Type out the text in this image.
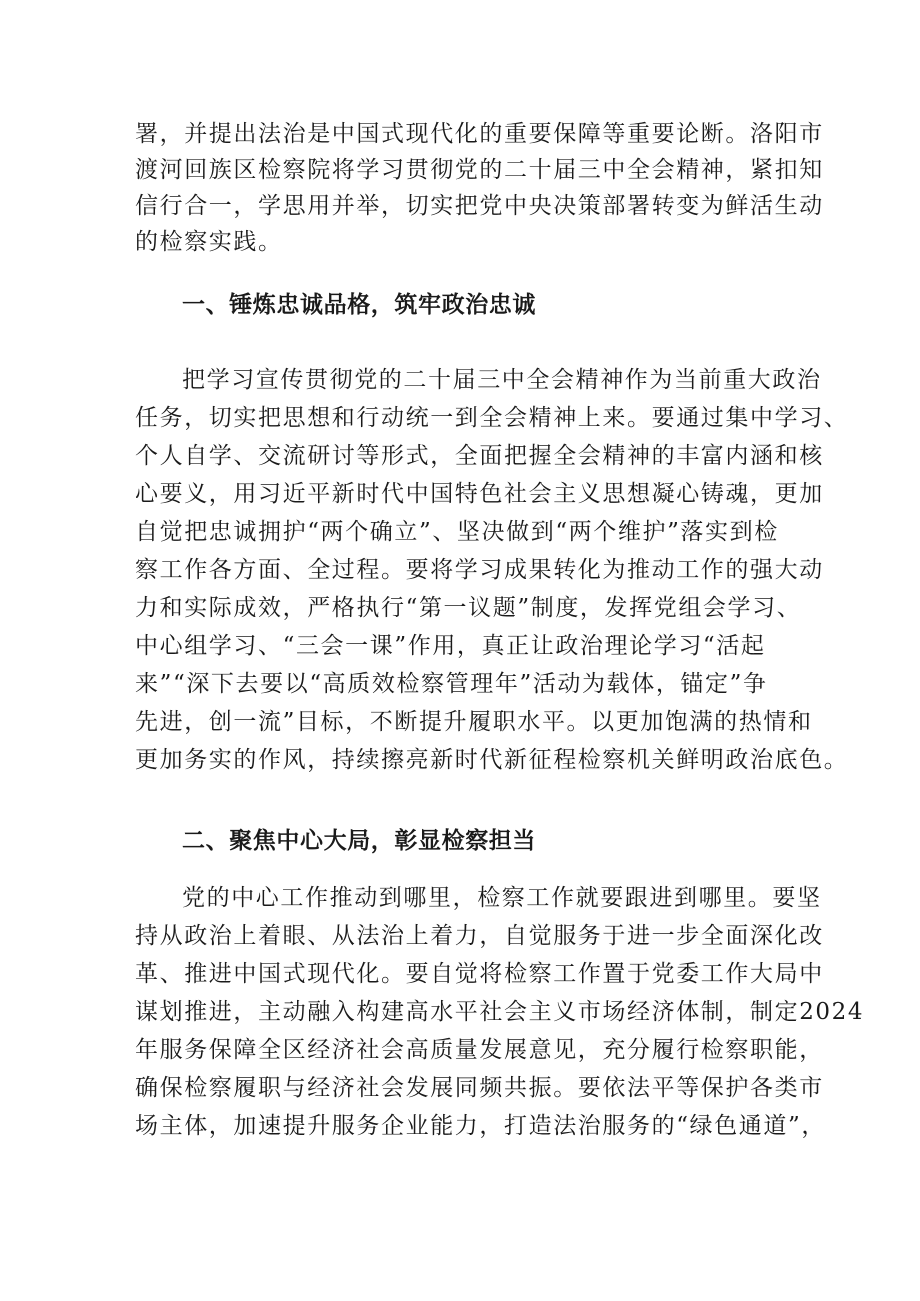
署，并提出法治是中国式现代化的重要保障等重要论断。洛阳市
渡河回族区检察院将学习贯彻党的二十届三中全会精神，紧扣知
信行合一，学思用并举，切实把党中央决策部署转变为鲜活生动
的检察实践。
一、锤炼忠诚品格，筑牢政治忠诚
把学习宣传贯彻党的二十届三中全会精神作为当前重大政治
任务，切实把思想和行动统一到全会精神上来。要通过集中学习、
个人自学、交流研讨等形式，全面把握全会精神的丰富内涵和核
心要义，用习近平新时代中国特色社会主义思想凝心铸魂，更加
自觉把忠诚拥护“两个确立”、坚决做到“两个维护”落实到检
察工作各方面、全过程。要将学习成果转化为推动工作的强大动
力和实际成效，严格执行“第一议题”制度，发挥党组会学习、
中心组学习、“三会一课”作用，真正让政治理论学习“活起
来”“深下去要以“高质效检察管理年”活动为载体，锚定”争
先进，创一流”目标，不断提升履职水平。以更加饱满的热情和
更加务实的作风，持续擦亮新时代新征程检察机关鲜明政治底色。
二、聚焦中心大局，彰显检察担当
党的中心工作推动到哪里，检察工作就要跟进到哪里。要坚
持从政治上着眼、从法治上着力，自觉服务于进一步全面深化改
革、推进中国式现代化。要自觉将检察工作置于党委工作大局中
谋划推进，主动融入构建高水平社会主义市场经济体制，制定2024
年服务保障全区经济社会高质量发展意见，充分履行检察职能，
确保检察履职与经济社会发展同频共振。要依法平等保护各类市
场主体，加速提升服务企业能力，打造法治服务的“绿色通道”，
